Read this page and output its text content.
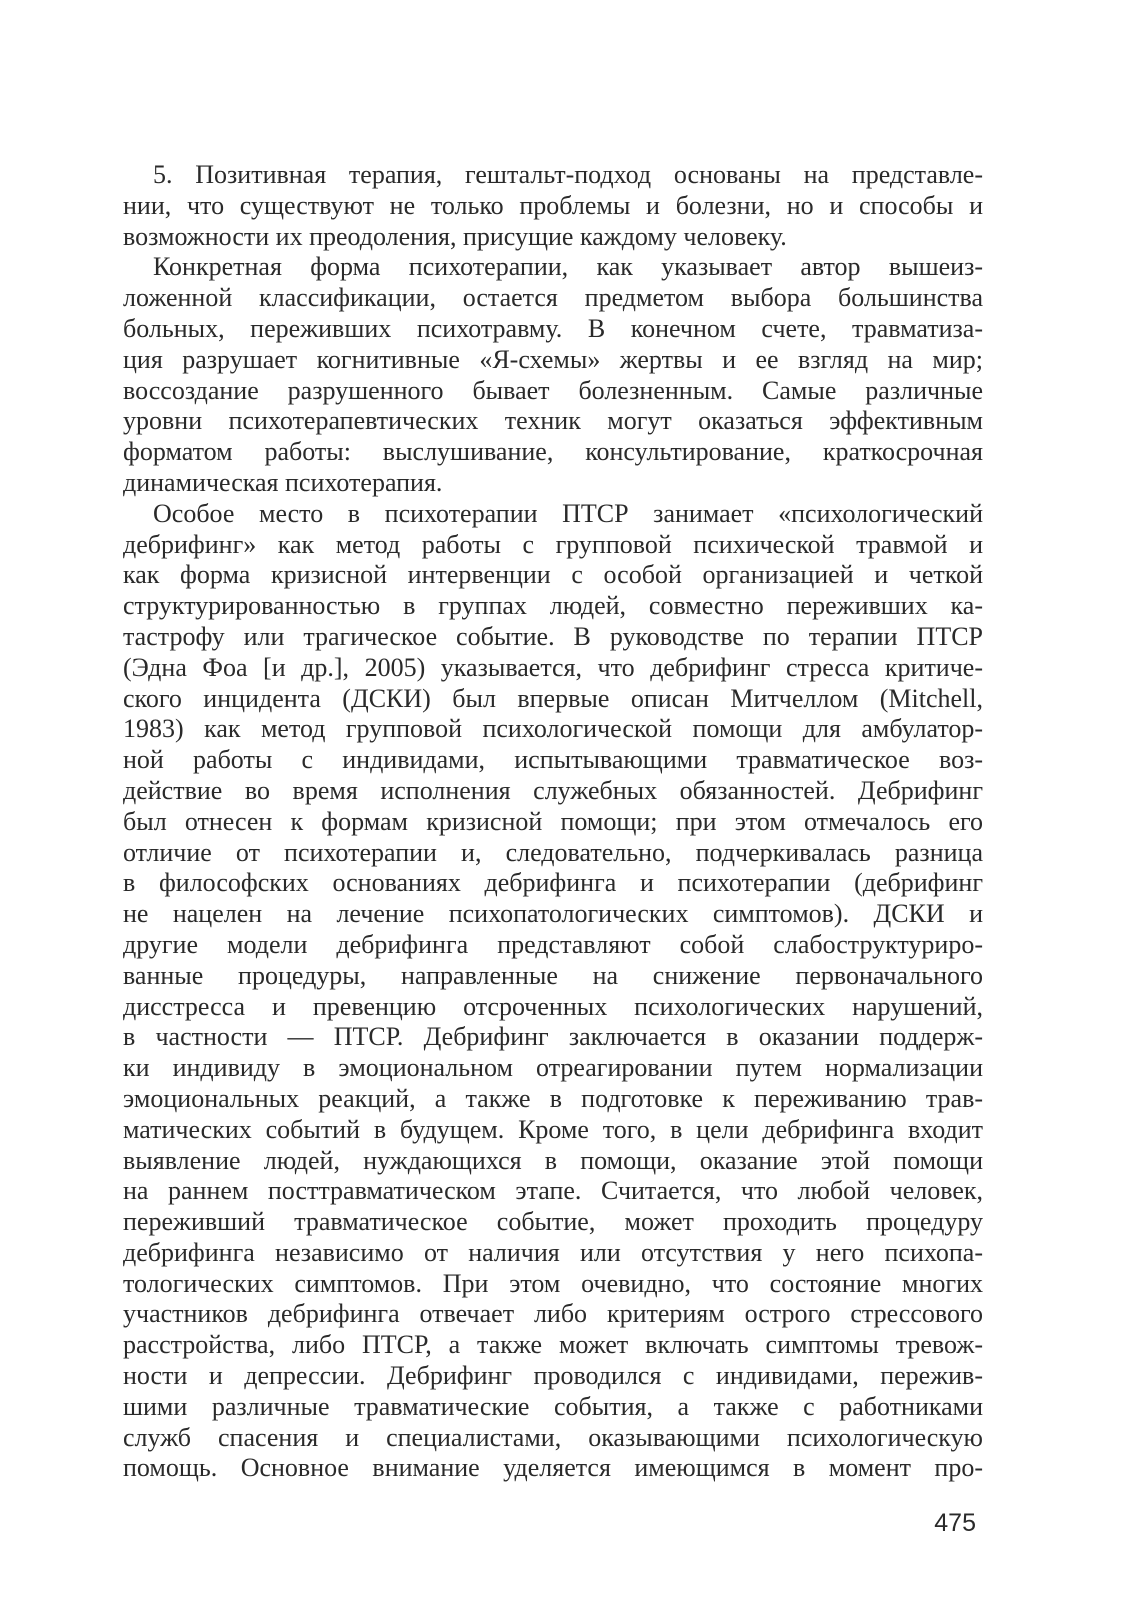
5. Позитивная терапия, гештальт-подход основаны на представле-
нии, что существуют не только проблемы и болезни, но и способы и
возможности их преодоления, присущие каждому человеку.
Конкретная форма психотерапии, как указывает автор вышеиз-
ложенной классификации, остается предметом выбора большинства
больных, переживших психотравму. В конечном счете, травматиза-
ция разрушает когнитивные «Я-схемы» жертвы и ее взгляд на мир;
воссоздание разрушенного бывает болезненным. Самые различные
уровни психотерапевтических техник могут оказаться эффективным
форматом работы: выслушивание, консультирование, краткосрочная
динамическая психотерапия.
Особое место в психотерапии ПТСР занимает «психологический
дебрифинг» как метод работы с групповой психической травмой и
как форма кризисной интервенции с особой организацией и четкой
структурированностью в группах людей, совместно переживших ка-
тастрофу или трагическое событие. В руководстве по терапии ПТСР
(Эдна Фоа [и др.], 2005) указывается, что дебрифинг стресса критиче-
ского инцидента (ДСКИ) был впервые описан Митчеллом (Mitchell,
1983) как метод групповой психологической помощи для амбулатор-
ной работы с индивидами, испытывающими травматическое воз-
действие во время исполнения служебных обязанностей. Дебрифинг
был отнесен к формам кризисной помощи; при этом отмечалось его
отличие от психотерапии и, следовательно, подчеркивалась разница
в философских основаниях дебрифинга и психотерапии (дебрифинг
не нацелен на лечение психопатологических симптомов). ДСКИ и
другие модели дебрифинга представляют собой слабоструктуриро-
ванные процедуры, направленные на снижение первоначального
дисстресса и превенцию отсроченных психологических нарушений,
в частности — ПТСР. Дебрифинг заключается в оказании поддерж-
ки индивиду в эмоциональном отреагировании путем нормализации
эмоциональных реакций, а также в подготовке к переживанию трав-
матических событий в будущем. Кроме того, в цели дебрифинга входит
выявление людей, нуждающихся в помощи, оказание этой помощи
на раннем посттравматическом этапе. Считается, что любой человек,
переживший травматическое событие, может проходить процедуру
дебрифинга независимо от наличия или отсутствия у него психопа-
тологических симптомов. При этом очевидно, что состояние многих
участников дебрифинга отвечает либо критериям острого стрессового
расстройства, либо ПТСР, а также может включать симптомы тревож-
ности и депрессии. Дебрифинг проводился с индивидами, пережив-
шими различные травматические события, а также с работниками
служб спасения и специалистами, оказывающими психологическую
помощь. Основное внимание уделяется имеющимся в момент про-
475
